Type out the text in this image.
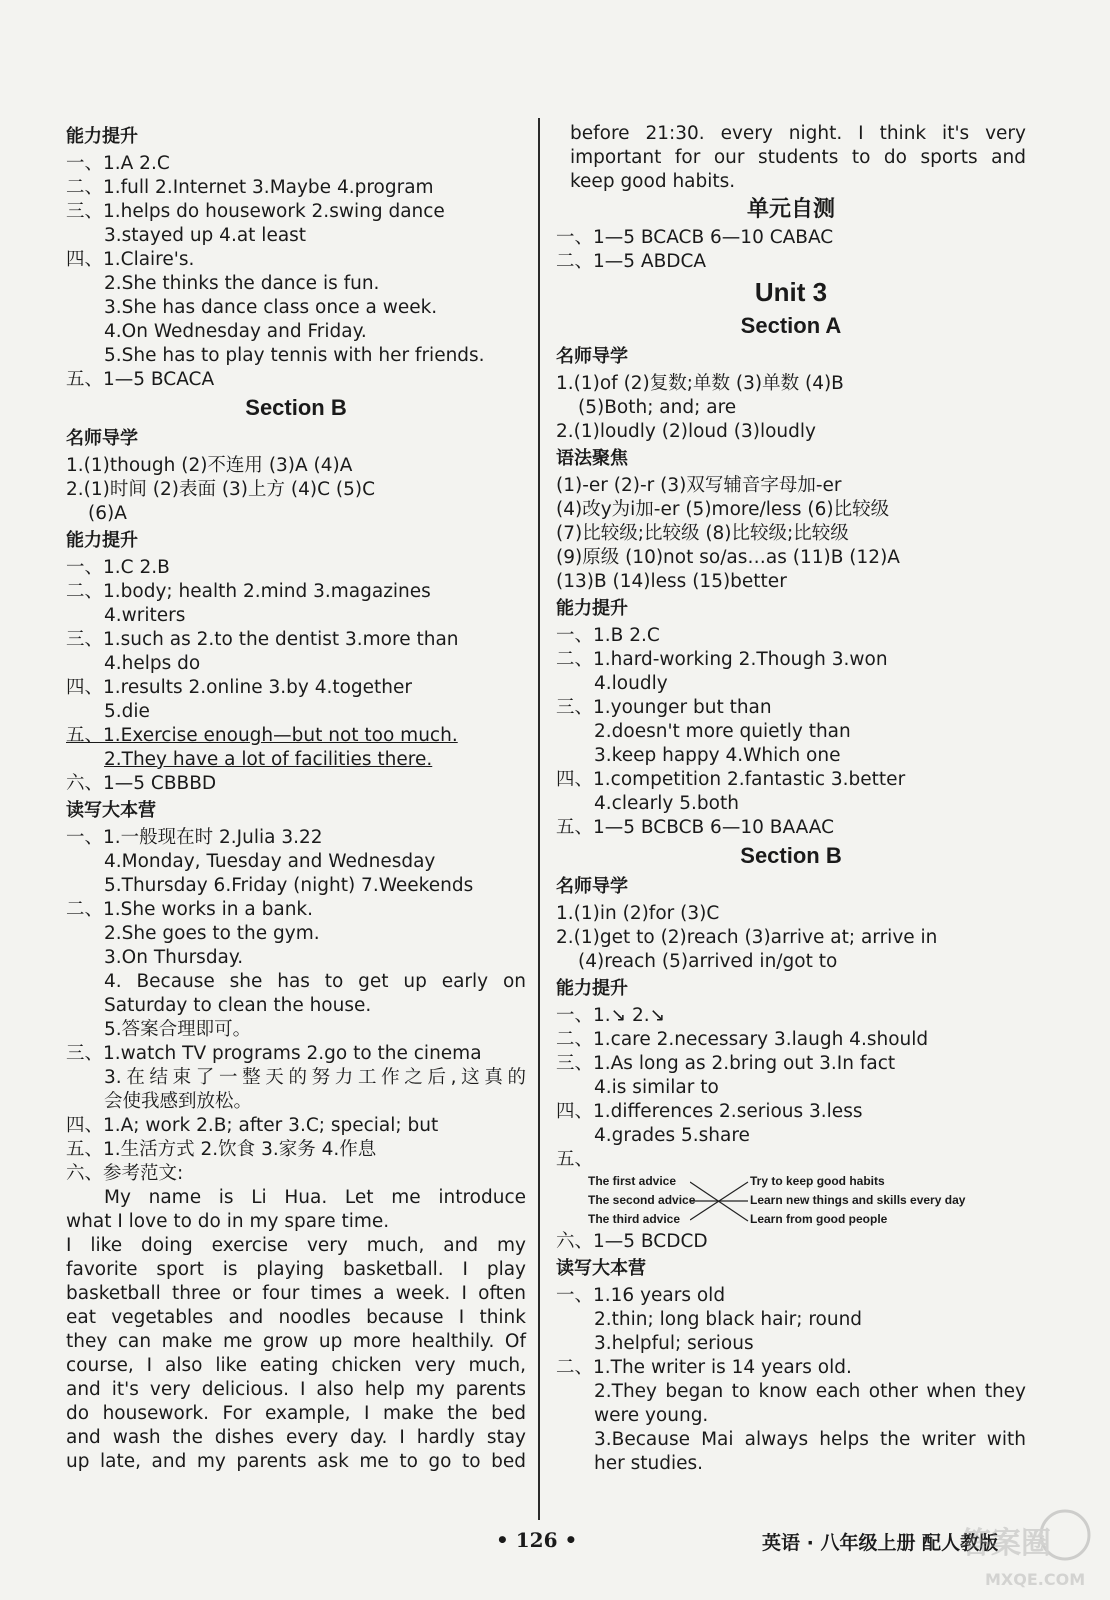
能力提升
一、1.A 2.C
二、1.full 2.Internet 3.Maybe 4.program
三、1.helps do housework 2.swing dance
3.stayed up 4.at least
四、1.Claire's.
2.She thinks the dance is fun.
3.She has dance class once a week.
4.On Wednesday and Friday.
5.She has to play tennis with her friends.
五、1—5 BCACA
Section B
名师导学
1.(1)though (2)不连用 (3)A (4)A
2.(1)时间 (2)表面 (3)上方 (4)C (5)C
(6)A
能力提升
一、1.C 2.B
二、1.body; health 2.mind 3.magazines
4.writers
三、1.such as 2.to the dentist 3.more than
4.helps do
四、1.results 2.online 3.by 4.together
5.die
五、1.Exercise enough—but not too much.
2.They have a lot of facilities there.
六、1—5 CBBBD
读写大本营
一、1.一般现在时 2.Julia 3.22
4.Monday, Tuesday and Wednesday
5.Thursday 6.Friday (night) 7.Weekends
二、1.She works in a bank.
2.She goes to the gym.
3.On Thursday.
4. Because she has to get up early on
Saturday to clean the house.
5.答案合理即可。
三、1.watch TV programs 2.go to the cinema
3.在结束了一整天的努力工作之后,这真的
会使我感到放松。
四、1.A; work 2.B; after 3.C; special; but
五、1.生活方式 2.饮食 3.家务 4.作息
六、参考范文:
My name is Li Hua. Let me introduce
what I love to do in my spare time.
I like doing exercise very much, and my
favorite sport is playing basketball. I play
basketball three or four times a week. I often
eat vegetables and noodles because I think
they can make me grow up more healthily. Of
course, I also like eating chicken very much,
and it's very delicious. I also help my parents
do housework. For example, I make the bed
and wash the dishes every day. I hardly stay
up late, and my parents ask me to go to bed
before 21:30. every night. I think it's very
important for our students to do sports and
keep good habits.
单元自测
一、1—5 BCACB 6—10 CABAC
二、1—5 ABDCA
Unit 3
Section A
名师导学
1.(1)of (2)复数;单数 (3)单数 (4)B
(5)Both; and; are
2.(1)loudly (2)loud (3)loudly
语法聚焦
(1)-er (2)-r (3)双写辅音字母加-er
(4)改y为i加-er (5)more/less (6)比较级
(7)比较级;比较级 (8)比较级;比较级
(9)原级 (10)not so/as…as (11)B (12)A
(13)B (14)less (15)better
能力提升
一、1.B 2.C
二、1.hard-working 2.Though 3.won
4.loudly
三、1.younger but than
2.doesn't more quietly than
3.keep happy 4.Which one
四、1.competition 2.fantastic 3.better
4.clearly 5.both
五、1—5 BCBCB 6—10 BAAAC
Section B
名师导学
1.(1)in (2)for (3)C
2.(1)get to (2)reach (3)arrive at; arrive in
(4)reach (5)arrived in/got to
能力提升
一、1.↘ 2.↘
二、1.care 2.necessary 3.laugh 4.should
三、1.As long as 2.bring out 3.In fact
4.is similar to
四、1.differences 2.serious 3.less
4.grades 5.share
五、
The first advice
The second advice
The third advice
Try to keep good habits
Learn new things and skills every day
Learn from good people
六、1—5 BCDCD
读写大本营
一、1.16 years old
2.thin; long black hair; round
3.helpful; serious
二、1.The writer is 14 years old.
2.They began to know each other when they
were young.
3.Because Mai always helps the writer with
her studies.
• 126 •	英语 · 八年级上册 配人教版
答案圈
MXQE.COM
